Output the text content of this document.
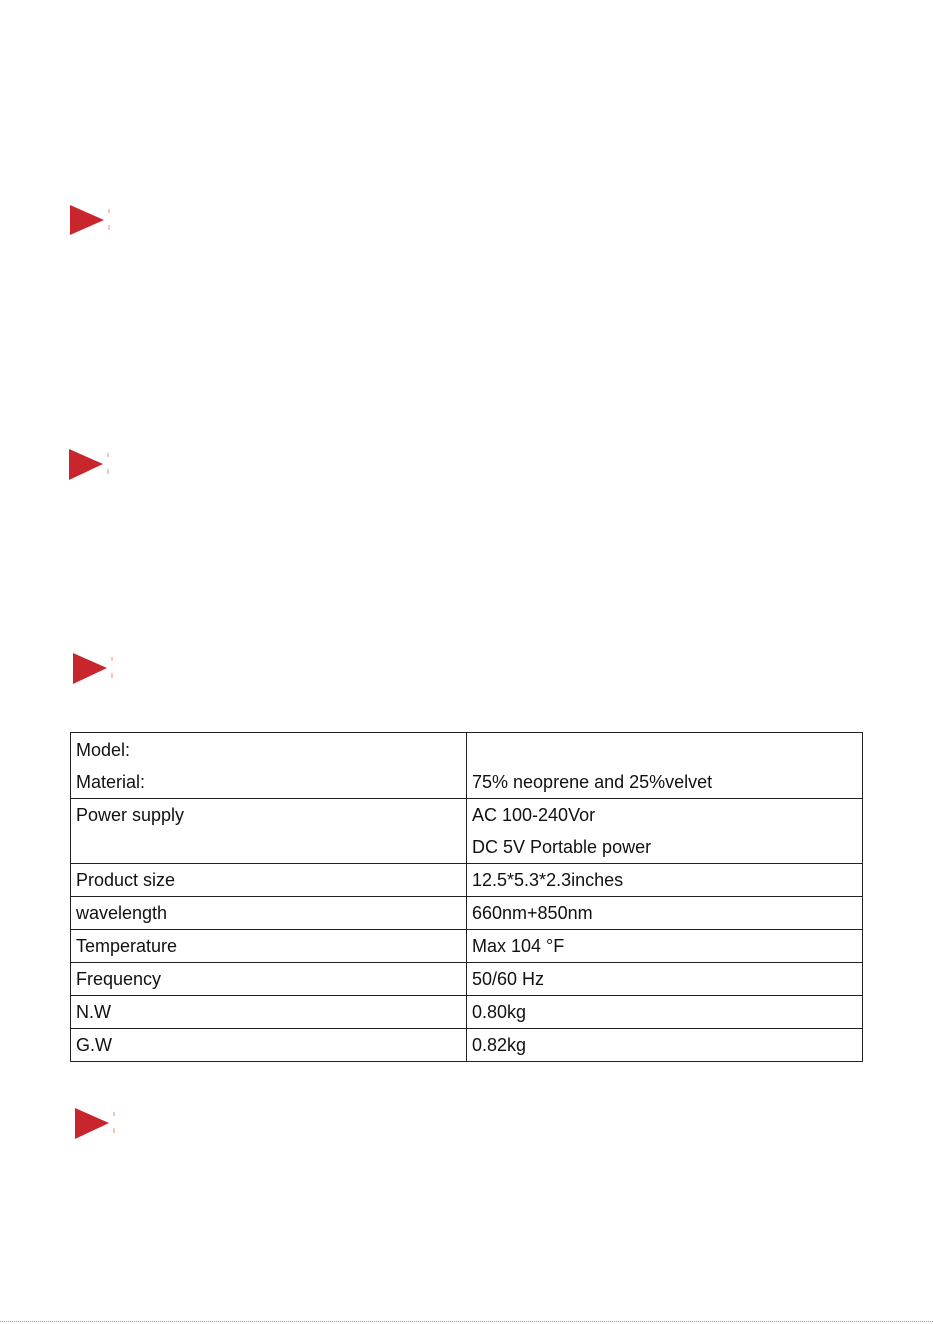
Model:
Material:	75% neoprene and 25%velvet

Power supply	AC 100-240Vor
DC 5V Portable power

Product size	12.5*5.3*2.3inches

wavelength	660nm+850nm

Temperature	Max 104 °F

Frequency	50/60 Hz

N.W	0.80kg

G.W	0.82kg
